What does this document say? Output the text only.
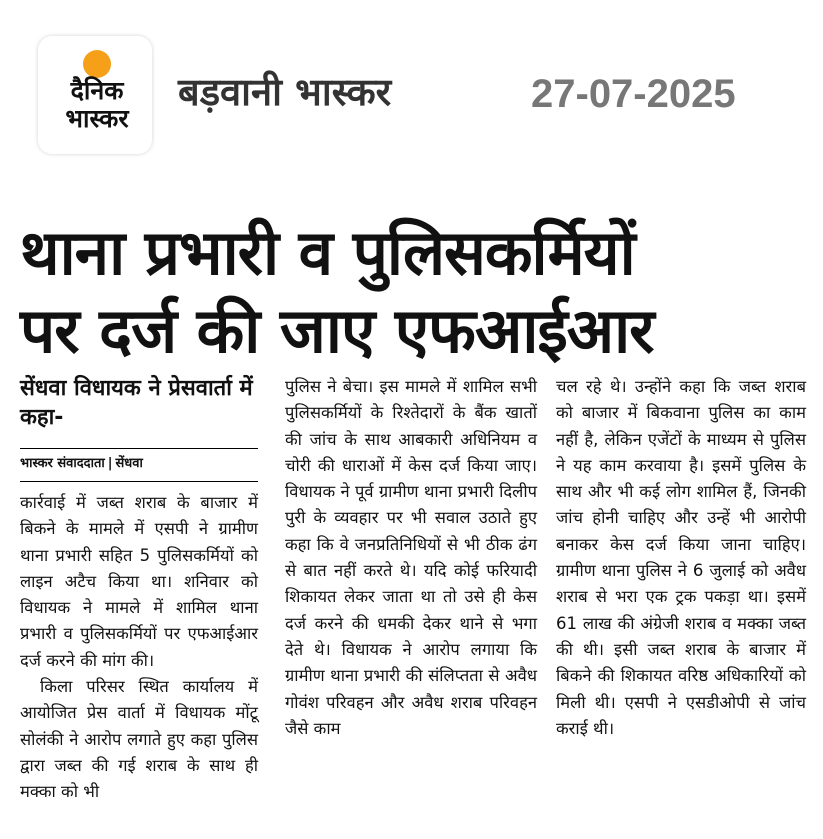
दैनिक
भास्कर
बड़वानी भास्कर	27-07-2025
थाना प्रभारी व पुलिसकर्मियों
पर दर्ज की जाए एफआईआर
सेंधवा विधायक ने प्रेसवार्ता में कहा-
भास्कर संवाददाता | सेंधवा
कार्रवाई में जब्त शराब के बाजार में बिकने के मामले में एसपी ने ग्रामीण थाना प्रभारी सहित 5 पुलिसकर्मियों को लाइन अटैच किया था। शनिवार को विधायक ने मामले में शामिल थाना प्रभारी व पुलिसकर्मियों पर एफआईआर दर्ज करने की मांग की।
किला परिसर स्थित कार्यालय में आयोजित प्रेस वार्ता में विधायक मोंटू सोलंकी ने आरोप लगाते हुए कहा पुलिस द्वारा जब्त की गई शराब के साथ ही मक्का को भी
पुलिस ने बेचा। इस मामले में शामिल सभी पुलिसकर्मियों के रिश्तेदारों के बैंक खातों की जांच के साथ आबकारी अधिनियम व चोरी की धाराओं में केस दर्ज किया जाए। विधायक ने पूर्व ग्रामीण थाना प्रभारी दिलीप पुरी के व्यवहार पर भी सवाल उठाते हुए कहा कि वे जनप्रतिनिधियों से भी ठीक ढंग से बात नहीं करते थे। यदि कोई फरियादी शिकायत लेकर जाता था तो उसे ही केस दर्ज करने की धमकी देकर थाने से भगा देते थे। विधायक ने आरोप लगाया कि ग्रामीण थाना प्रभारी की संलिप्तता से अवैध गोवंश परिवहन और अवैध शराब परिवहन जैसे काम
चल रहे थे। उन्होंने कहा कि जब्त शराब को बाजार में बिकवाना पुलिस का काम नहीं है, लेकिन एजेंटों के माध्यम से पुलिस ने यह काम करवाया है। इसमें पुलिस के साथ और भी कई लोग शामिल हैं, जिनकी जांच होनी चाहिए और उन्हें भी आरोपी बनाकर केस दर्ज किया जाना चाहिए। ग्रामीण थाना पुलिस ने 6 जुलाई को अवैध शराब से भरा एक ट्रक पकड़ा था। इसमें 61 लाख की अंग्रेजी शराब व मक्का जब्त की थी। इसी जब्त शराब के बाजार में बिकने की शिकायत वरिष्ठ अधिकारियों को मिली थी। एसपी ने एसडीओपी से जांच कराई थी।
